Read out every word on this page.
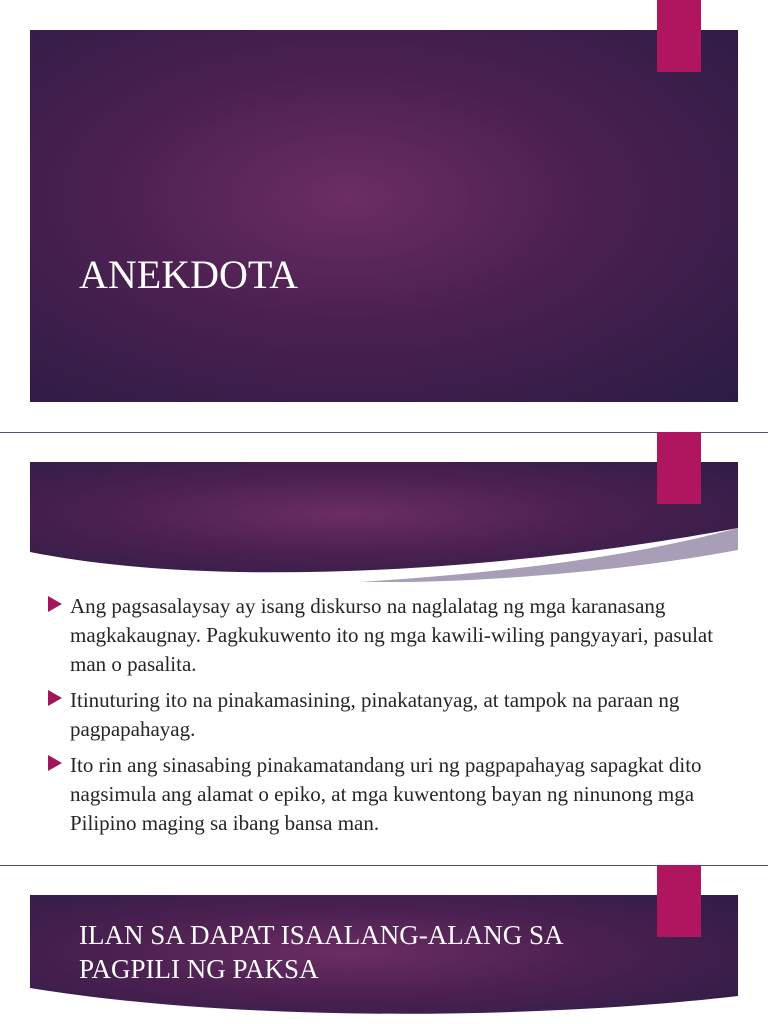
ANEKDOTA
Ang pagsasalaysay ay isang diskurso na naglalatag ng mga karanasang magkakaugnay. Pagkukuwento ito ng mga kawili-wiling pangyayari, pasulat man o pasalita.
Itinuturing ito na pinakamasining, pinakatanyag, at tampok na paraan ng pagpapahayag.
Ito rin ang sinasabing pinakamatandang uri ng pagpapahayag sapagkat dito nagsimula ang alamat o epiko, at mga kuwentong bayan ng ninunong mga Pilipino maging sa ibang bansa man.
ILAN SA DAPAT ISAALANG-ALANG SA PAGPILI NG PAKSA
